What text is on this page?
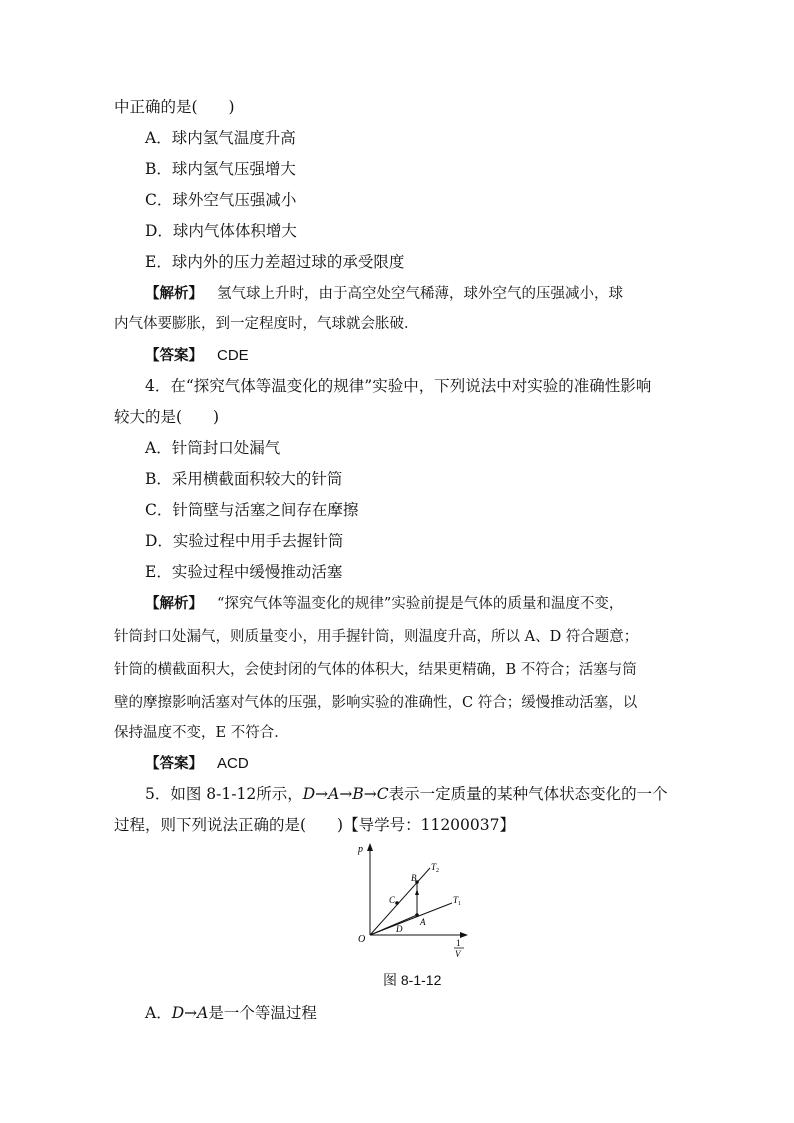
中正确的是(　　)
A．球内氢气温度升高
B．球内氢气压强增大
C．球外空气压强减小
D．球内气体体积增大
E．球内外的压力差超过球的承受限度
【解析】 氢气球上升时，由于高空处空气稀薄，球外空气的压强减小，球
内气体要膨胀，到一定程度时，气球就会胀破．
【答案】 CDE
4．在“探究气体等温变化的规律”实验中，下列说法中对实验的准确性影响
较大的是(　　)
A．针筒封口处漏气
B．采用横截面积较大的针筒
C．针筒壁与活塞之间存在摩擦
D．实验过程中用手去握针筒
E．实验过程中缓慢推动活塞
【解析】 “探究气体等温变化的规律”实验前提是气体的质量和温度不变，
针筒封口处漏气，则质量变小，用手握针筒，则温度升高，所以 A、D 符合题意；
针筒的横截面积大，会使封闭的气体的体积大，结果更精确，B 不符合；活塞与筒
壁的摩擦影响活塞对气体的压强，影响实验的准确性，C 符合；缓慢推动活塞，以
保持温度不变，E 不符合．
【答案】 ACD
5．如图 8-1-12所示，D→A→B→C表示一定质量的某种气体状态变化的一个
过程，则下列说法正确的是(　　)【导学号：11200037】
p
O	1
V
A
B
C
D
$T_2$
$T_1$
图 8-1-12
A．D→A是一个等温过程
